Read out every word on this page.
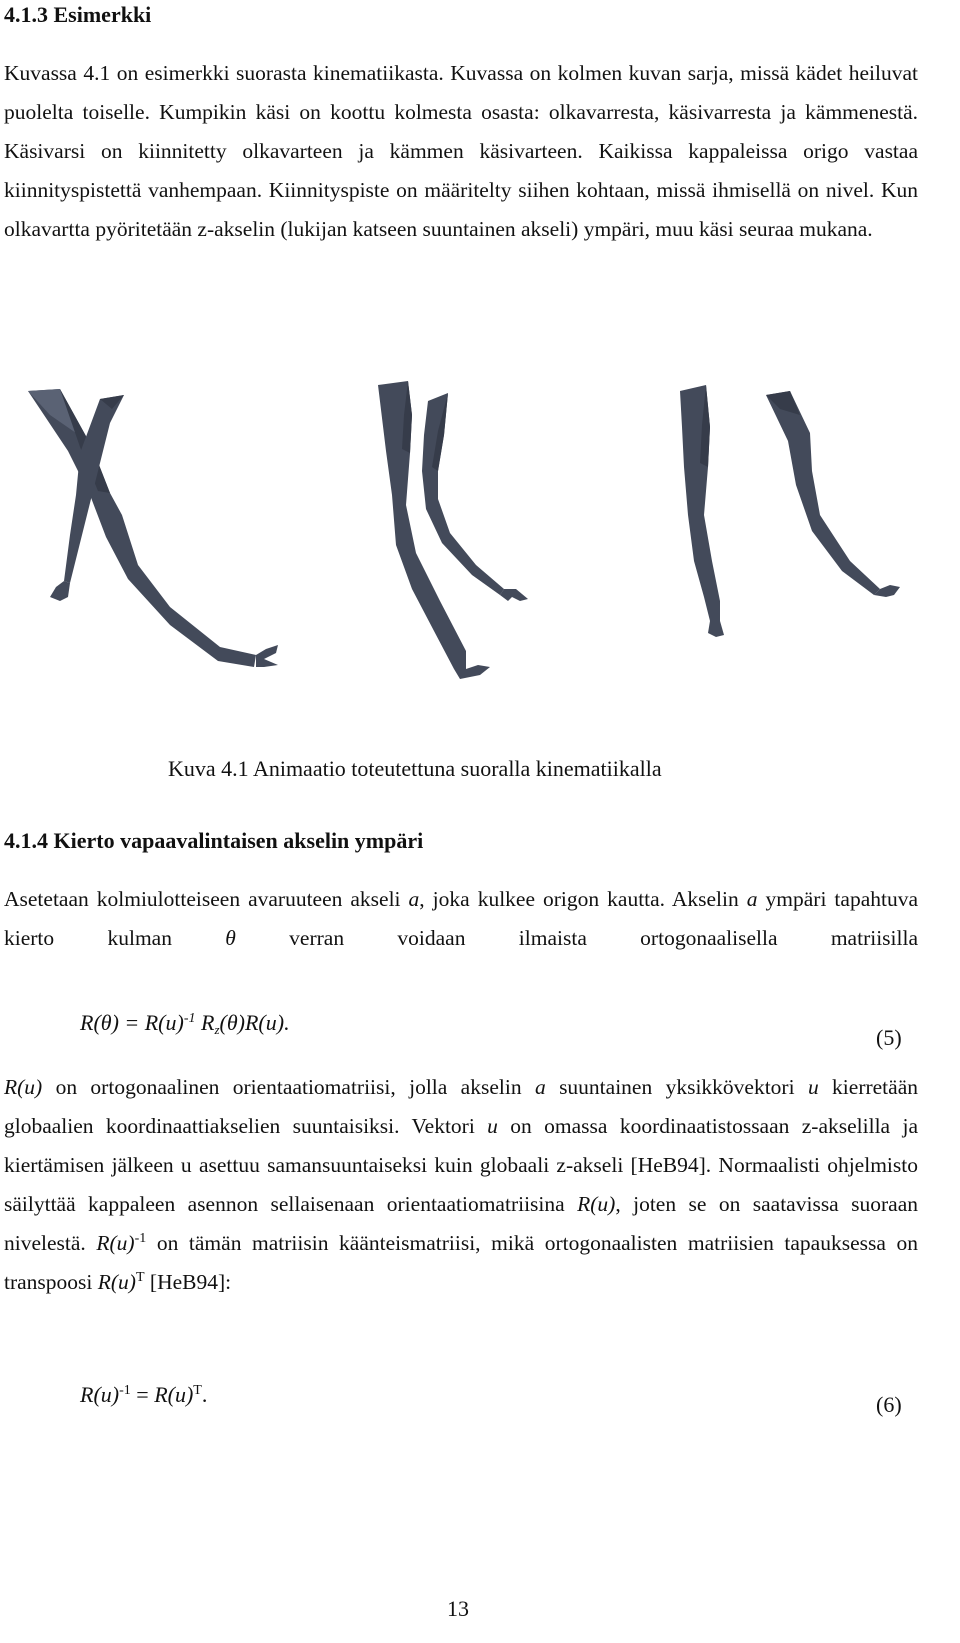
4.1.3 Esimerkki
Kuvassa 4.1 on esimerkki suorasta kinematiikasta. Kuvassa on kolmen kuvan sarja, missä kädet heiluvat puolelta toiselle. Kumpikin käsi on koottu kolmesta osasta: olkavarresta, käsivarresta ja kämmenestä. Käsivarsi on kiinnitetty olkavarteen ja kämmen käsivarteen. Kaikissa kappaleissa origo vastaa kiinnityspistettä vanhempaan. Kiinnityspiste on määritelty siihen kohtaan, missä ihmisellä on nivel. Kun olkavartta pyöritetään z-akselin (lukijan katseen suuntainen akseli) ympäri, muu käsi seuraa mukana.
Kuva 4.1 Animaatio toteutettuna suoralla kinematiikalla
4.1.4 Kierto vapaavalintaisen akselin ympäri
Asetetaan kolmiulotteiseen avaruuteen akseli a, joka kulkee origon kautta. Akselin a ympäri tapahtuva kierto kulman θ verran voidaan ilmaista ortogonaalisella matriisilla
$R(\theta) = R(u)^{-1}$ $R_z(\theta)R(u)$.
(5)
R(u) on ortogonaalinen orientaatiomatriisi, jolla akselin a suuntainen yksikkövektori u kierretään globaalien koordinaattiakselien suuntaisiksi. Vektori u on omassa koordinaatistossaan z-akselilla ja kiertämisen jälkeen u asettuu samansuuntaiseksi kuin globaali z-akseli [HeB94]. Normaalisti ohjelmisto säilyttää kappaleen asennon sellaisenaan orientaatiomatriisina R(u), joten se on saatavissa suoraan nivelestä. $R(u)^{-1}$ on tämän matriisin käänteismatriisi, mikä ortogonaalisten matriisien tapauksessa on transpoosi $R(u)^T$ [HeB94]:
$R(u)^{-1} = R(u)^T$.	(6)
13
